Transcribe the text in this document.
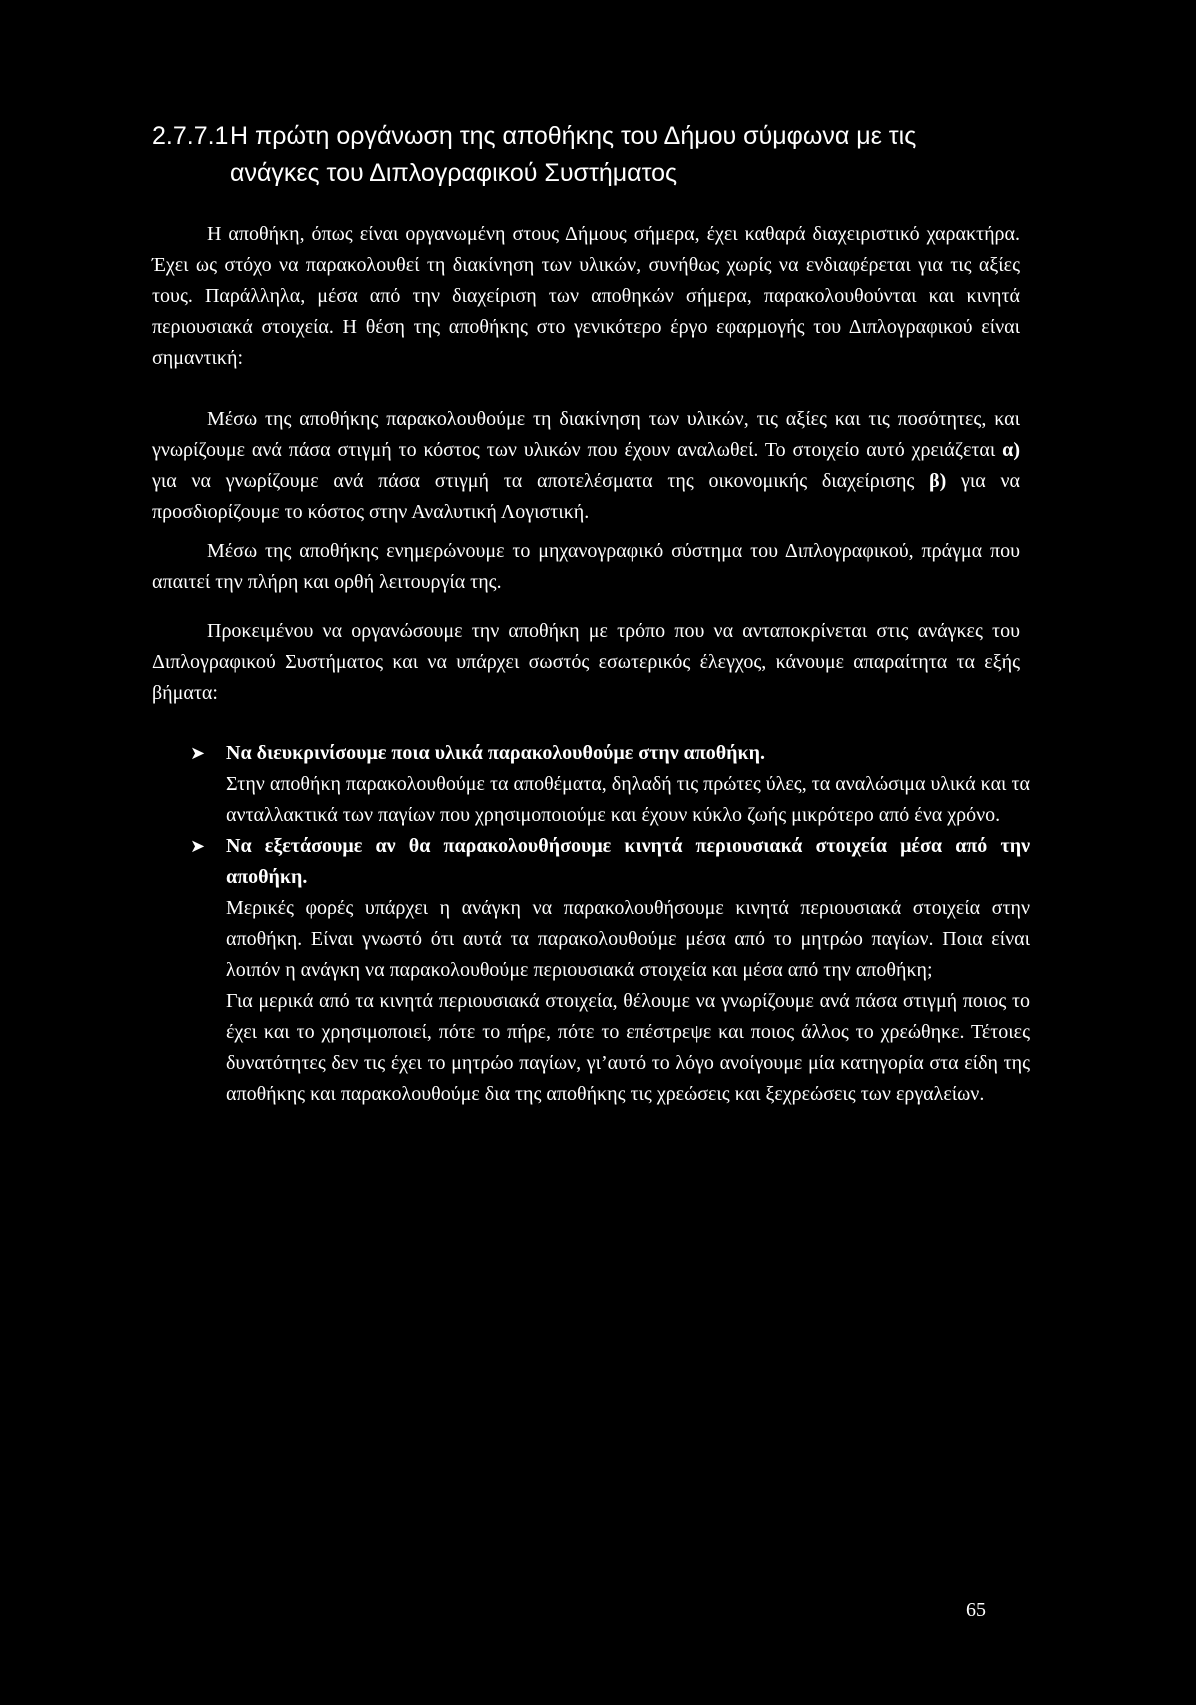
2.7.7.1Η πρώτη οργάνωση της αποθήκης του Δήμου σύμφωνα με τις
ανάγκες του Διπλογραφικού Συστήματος
Η αποθήκη, όπως είναι οργανωμένη στους Δήμους σήμερα, έχει καθαρά διαχειριστικό χαρακτήρα. Έχει ως στόχο να παρακολουθεί τη διακίνηση των υλικών, συνήθως χωρίς να ενδιαφέρεται για τις αξίες τους. Παράλληλα, μέσα από την διαχείριση των αποθηκών σήμερα, παρακολουθούνται και κινητά περιουσιακά στοιχεία. Η θέση της αποθήκης στο γενικότερο έργο εφαρμογής του Διπλογραφικού είναι σημαντική:
Μέσω της αποθήκης παρακολουθούμε τη διακίνηση των υλικών, τις αξίες και τις ποσότητες, και γνωρίζουμε ανά πάσα στιγμή το κόστος των υλικών που έχουν αναλωθεί. Το στοιχείο αυτό χρειάζεται α) για να γνωρίζουμε ανά πάσα στιγμή τα αποτελέσματα της οικονομικής διαχείρισης β) για να προσδιορίζουμε το κόστος στην Αναλυτική Λογιστική.
Μέσω της αποθήκης ενημερώνουμε το μηχανογραφικό σύστημα του Διπλογραφικού, πράγμα που απαιτεί την πλήρη και ορθή λειτουργία της.
Προκειμένου να οργανώσουμε την αποθήκη με τρόπο που να ανταποκρίνεται στις ανάγκες του Διπλογραφικού Συστήματος και να υπάρχει σωστός εσωτερικός έλεγχος, κάνουμε απαραίτητα τα εξής βήματα:
➤	Να διευκρινίσουμε ποια υλικά παρακολουθούμε στην αποθήκη.
Στην αποθήκη παρακολουθούμε τα αποθέματα, δηλαδή τις πρώτες ύλες, τα αναλώσιμα υλικά και τα ανταλλακτικά των παγίων που χρησιμοποιούμε και έχουν κύκλο ζωής μικρότερο από ένα χρόνο.
➤	Να εξετάσουμε αν θα παρακολουθήσουμε κινητά περιουσιακά στοιχεία μέσα από την αποθήκη.
Μερικές φορές υπάρχει η ανάγκη να παρακολουθήσουμε κινητά περιουσιακά στοιχεία στην αποθήκη. Είναι γνωστό ότι αυτά τα παρακολουθούμε μέσα από το μητρώο παγίων. Ποια είναι λοιπόν η ανάγκη να παρακολουθούμε περιουσιακά στοιχεία και μέσα από την αποθήκη;
Για μερικά από τα κινητά περιουσιακά στοιχεία, θέλουμε να γνωρίζουμε ανά πάσα στιγμή ποιος το έχει και το χρησιμοποιεί, πότε το πήρε, πότε το επέστρεψε και ποιος άλλος το χρεώθηκε. Τέτοιες δυνατότητες δεν τις έχει το μητρώο παγίων, γι’αυτό το λόγο ανοίγουμε μία κατηγορία στα είδη της αποθήκης και παρακολουθούμε δια της αποθήκης τις χρεώσεις και ξεχρεώσεις των εργαλείων.
65
